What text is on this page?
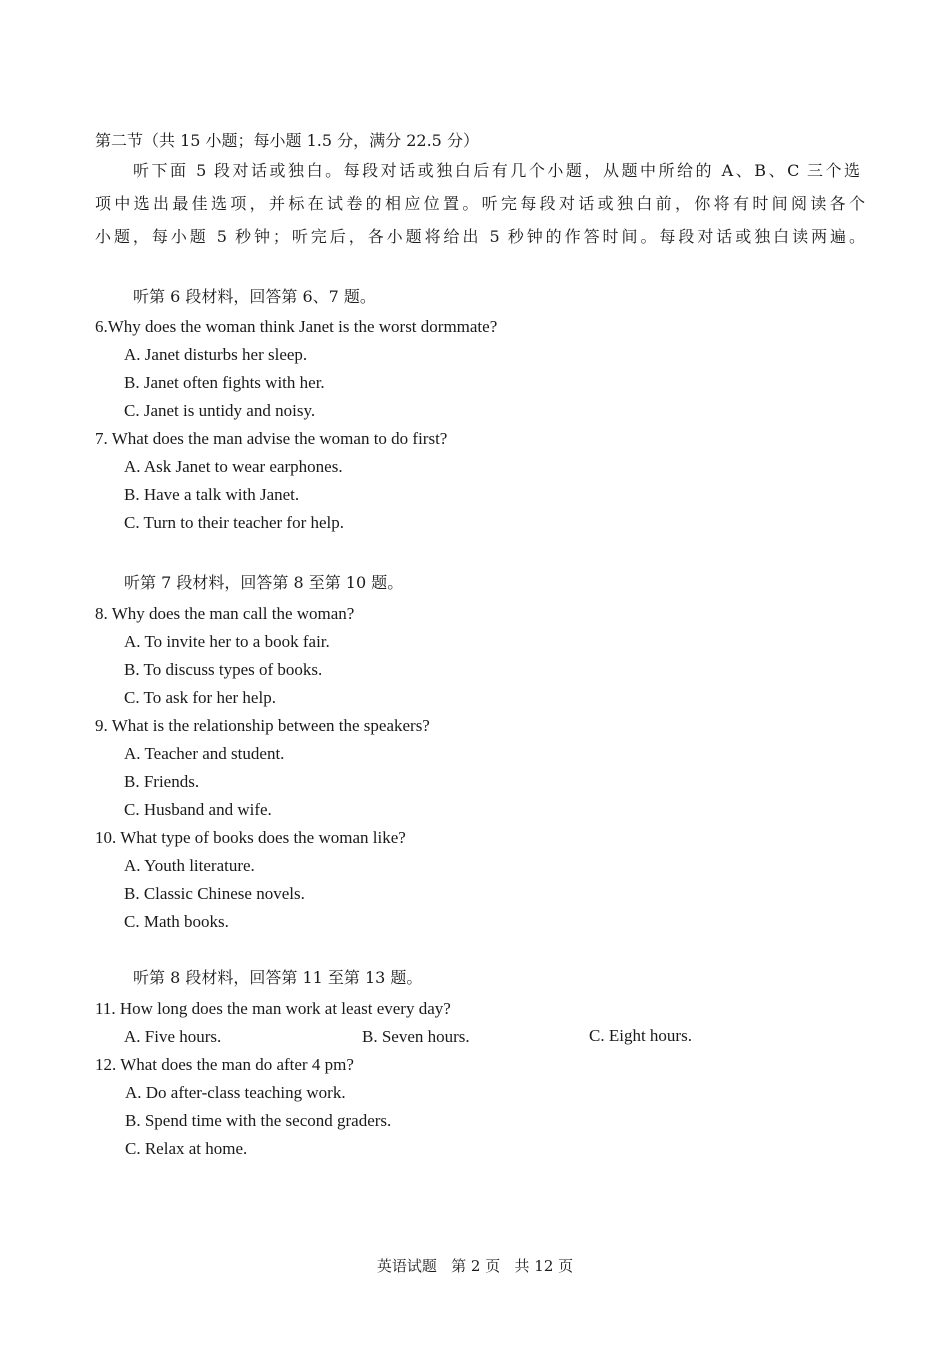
第二节（共 15 小题；每小题 1.5 分，满分 22.5 分）
听下面 5 段对话或独白。每段对话或独白后有几个小题，从题中所给的 A、B、C 三个选
项中选出最佳选项，并标在试卷的相应位置。听完每段对话或独白前，你将有时间阅读各个
小题，每小题 5 秒钟；听完后，各小题将给出 5 秒钟的作答时间。每段对话或独白读两遍。
听第 6 段材料，回答第 6、7 题。
6.Why does the woman think Janet is the worst dormmate?
A. Janet disturbs her sleep.
B. Janet often fights with her.
C. Janet is untidy and noisy.
7. What does the man advise the woman to do first?
A. Ask Janet to wear earphones.
B. Have a talk with Janet.
C. Turn to their teacher for help.
听第 7 段材料，回答第 8 至第 10 题。
8. Why does the man call the woman?
A. To invite her to a book fair.
B. To discuss types of books.
C. To ask for her help.
9. What is the relationship between the speakers?
A. Teacher and student.
B. Friends.
C. Husband and wife.
10. What type of books does the woman like?
A. Youth literature.
B. Classic Chinese novels.
C. Math books.
听第 8 段材料，回答第 11 至第 13 题。
11. How long does the man work at least every day?
A. Five hours.	B. Seven hours.	C. Eight hours.
12. What does the man do after 4 pm?
A. Do after-class teaching work.
B. Spend time with the second graders.
C. Relax at home.
英语试题   第 2 页   共 12 页
